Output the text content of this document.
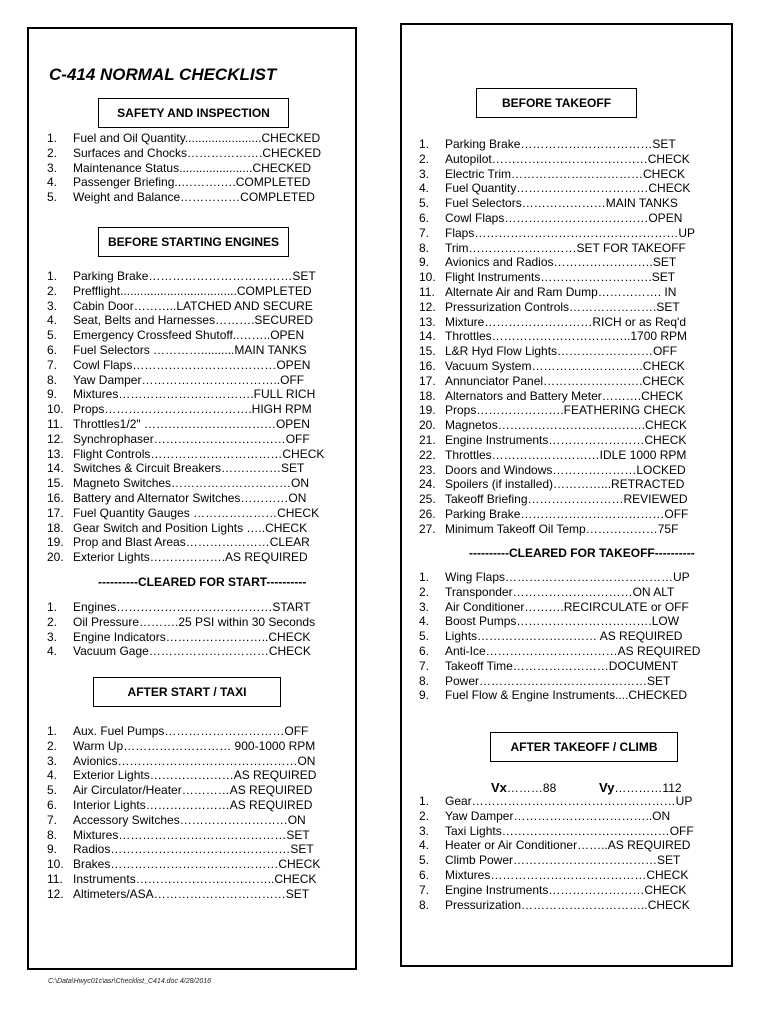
C-414 NORMAL CHECKLIST
SAFETY AND INSPECTION
1.	Fuel and Oil Quantity.......................CHECKED
2.	Surfaces and Chocks……………….CHECKED
3.	Maintenance Status......................CHECKED
4.	Passenger Briefing..……….….COMPLETED
5.	Weight and Balance……………COMPLETED
BEFORE STARTING ENGINES
1.	Parking Brake………………………………SET
2.	Prefflight...................................COMPLETED
3.	Cabin Door………..LATCHED AND SECURE
4.	Seat, Belts and Harnesses……….SECURED
5.	Emergency Crossfeed Shutoff..……..OPEN
6.	Fuel Selectors …………..........MAIN TANKS
7.	Cowl Flaps………………………………OPEN
8.	Yaw Damper……………………………..OFF
9.	Mixtures…………………………….FULL RICH
10. Props……………………………….HIGH RPM
11. Throttles1/2" ……………………………OPEN
12. Synchrophaser……………………………OFF
13. Flight Controls……………………………CHECK
14. Switches & Circuit Breakers……………SET
15. Magneto Switches…………………………ON
16. Battery and Alternator Switches…………ON
17. Fuel Quantity Gauges …………………CHECK
18. Gear Switch and Position Lights …..CHECK
19. Prop and Blast Areas…………………CLEAR
20. Exterior Lights……………….AS REQUIRED
----------CLEARED FOR START----------
1.	Engines…………………………………START
2.	Oil Pressure……….25 PSI within 30 Seconds
3.	Engine Indicators……………………..CHECK
4.	Vacuum Gage…………………………CHECK
AFTER START / TAXI
1.	Aux. Fuel Pumps…………………………OFF
2.	Warm Up……………………… 900-1000 RPM
3.	Avionics………………………………………ON
4.	Exterior Lights…………………AS REQUIRED
5.	Air Circulator/Heater…………AS REQUIRED
6.	Interior Lights…………………AS REQUIRED
7.	Accessory Switches………………………ON
8.	Mixtures……………………………………SET
9.	Radios………………………………………SET
10. Brakes……………………………………CHECK
11. Instruments……………………………..CHECK
12. Altimeters/ASA……………………………SET
BEFORE TAKEOFF
1.	Parking Brake……………………………SET
2.	Autopilot…………………………………CHECK
3.	Electric Trim……………………………CHECK
4.	Fuel Quantity……………………………CHECK
5.	Fuel Selectors…………………MAIN TANKS
6.	Cowl Flaps………………………………OPEN
7.	Flaps……………………………………………UP
8.	Trim………………………SET FOR TAKEOFF
9.	Avionics and Radios…………………….SET
10. Flight Instruments……………………….SET
11. Alternate Air and Ram Dump……………. IN
12. Pressurization Controls………………….SET
13. Mixture………………………RICH or as Req'd
14. Throttles……………………………..1700 RPM
15. L&R Hyd Flow Lights……………………OFF
16. Vacuum System……………………….CHECK
17. Annunciator Panel…………………….CHECK
18. Alternators and Battery Meter……….CHECK
19. Props………………….FEATHERING CHECK
20. Magnetos……………………………….CHECK
21. Engine Instruments……………………CHECK
22. Throttles………………………IDLE 1000 RPM
23. Doors and Windows…………………LOCKED
24. Spoilers (if installed)…………...RETRACTED
25. Takeoff Briefing……………………REVIEWED
26. Parking Brake………………………………OFF
27. Minimum Takeoff Oil Temp………………75F
----------CLEARED FOR TAKEOFF----------
1.	Wing Flaps……………………………………UP
2.	Transponder…………………………ON ALT
3.	Air Conditioner……….RECIRCULATE or OFF
4.	Boost Pumps…………………………….LOW
5.	Lights………………………… AS REQUIRED
6.	Anti-Ice……………………………AS REQUIRED
7.	Takeoff Time……………………DOCUMENT
8.	Power……………………………………SET
9.	Fuel Flow & Engine Instruments....CHECKED
AFTER TAKEOFF / CLIMB
Vx………88	Vy…………112
1.	Gear……………………………………………UP
2.	Yaw Damper……………………………..ON
3.	Taxi Lights……………………………………OFF
4.	Heater or Air Conditioner……..AS REQUIRED
5.	Climb Power………………………………SET
6.	Mixtures…………………………………CHECK
7.	Engine Instruments……………………CHECK
8.	Pressurization…………………………..CHECK
C:\Data\Hwyc01c\asr\Checklist_C414.doc 4/28/2016
